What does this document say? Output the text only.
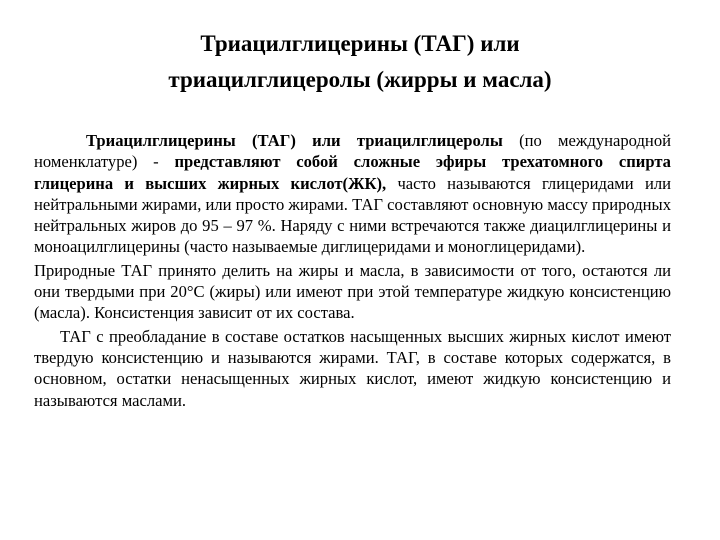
Триацилглицерины (ТАГ) или
триацилглицеролы (жирры и масла)

Триацилглицерины (ТАГ) или триацилглицеролы (по международной номенклатуре) - представляют собой сложные эфиры трехатомного спирта глицерина и высших жирных кислот(ЖК), часто называются глицеридами или нейтральными жирами, или просто жирами. ТАГ составляют основную массу природных нейтральных жиров до 95 – 97 %. Наряду с ними встречаются также диацилглицерины и моноацилглицерины (часто называемые диглицеридами и моноглицеридами).

Природные ТАГ принято делить на жиры и масла, в зависимости от того, остаются ли они твердыми при 20°С (жиры) или имеют при этой температуре жидкую консистенцию (масла). Консистенция зависит от их состава.

ТАГ с преобладание в составе остатков насыщенных высших жирных кислот имеют твердую консистенцию и называются жирами. ТАГ, в составе которых содержатся, в основном, остатки ненасыщенных жирных кислот, имеют жидкую консистенцию и называются маслами.
